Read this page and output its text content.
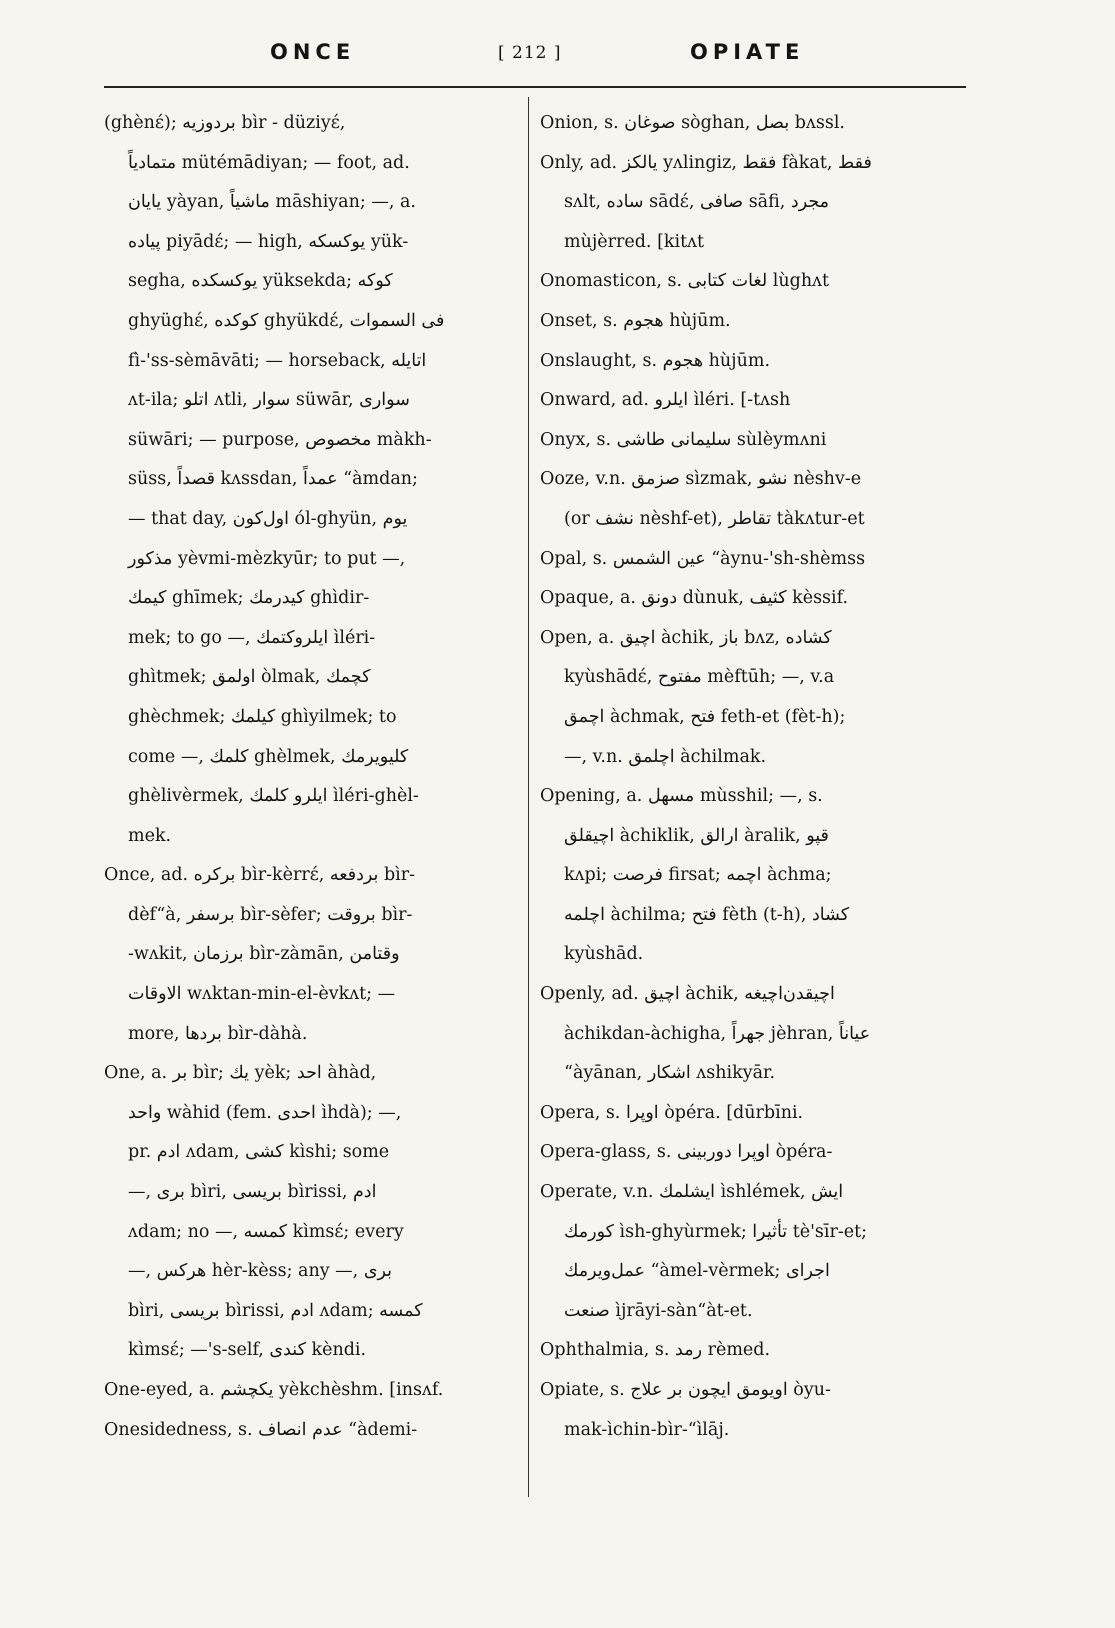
ONCE	[ 212 ]	OPIATE
(ghènɛ́); برد‌وزیه bìr - düziyɛ́,
متماد‌یاً mütémādiyan; — foot, ad.
یایان yàyan, ماشیاً māshiyan; —, a.
پیاده piyādɛ́; — high, یوکسکه yük-
segha, یوکسکده yüksekda; کوکه
ghyüghɛ́, کوکده ghyükdɛ́, فی السموات
fì-'ss-sèmāvāti; — horseback, اتایله
ʌt-ila; اتلو ʌtli, سوار süwār, سواری
süwāri; — purpose, مخصوص màkh-
süss, قصداً kʌssdan, عمداً “àmdan;
— that day, اول‌کون ól-ghyün, یوم
مذکور yèvmi-mèzkyūr; to put —,
کیمك ghīmek; کید‌رمك ghìdir-
mek; to go —, ایلرو‌کتمك ìléri-
ghìtmek; اولمق òlmak, کچمك
ghèchmek; کیلمك ghìyilmek; to
come —, کلمك ghèlmek, کلیویرمك
ghèlivèrmek, ایلرو کلمك ìléri-ghèl-
mek.
Once, ad. برکره bìr-kèrrɛ́, بردفعه bìr-
dèf“à, برسفر bìr-sèfer; بروقت bìr-
-wʌkit, برزمان bìr-zàmān, وقتامن
الاوقات wʌktan-min-el-èvkʌt; —
more, بردها bìr-dàhà.
One, a. بر bìr; یك yèk; احد àhàd,
واحد wàhid (fem. احدی ìhdà); —,
pr. ادم ʌdam, کشی kìshi; some
—, بری bìri, بریسی bìrissi, ادم
ʌdam; no —, کمسه kìmsɛ́; every
—, هرکس hèr-kèss; any —, بری
bìri, بریسی bìrissi, ادم ʌdam; کمسه
kìmsɛ́; —'s-self, کندی kèndi.
One-eyed, a. یکچشم yèkchèshm. [insʌf.
Onesidedness, s. عدم انصاف “àdemi-
Onion, s. صوغان sòghan, بصل bʌssl.
Only, ad. یالکز yʌlingiz, فقط fàkat, فقط
sʌlt, ساده sādɛ́, صافی sāfi, مجرد
mùjèrred. [kitʌt
Onomasticon, s. لغات کتابی lùghʌt
Onset, s. هجوم hùjūm.
Onslaught, s. هجوم hùjūm.
Onward, ad. ایلرو ìléri. [-tʌsh
Onyx, s. سلیمانی طاشی sùlèymʌni
Ooze, v.n. صزمق sìzmak, نشو nèshv-e
(or نشف nèshf-et), تقاطر tàkʌtur-et
Opal, s. عین الشمس “àynu-'sh-shèmss
Opaque, a. دونق dùnuk, کثیف kèssif.
Open, a. اچیق àchik, باز bʌz, کشاده
kyùshādɛ́, مفتوح mèftūh; —, v.a
اچمق àchmak, فتح feth-et (fèt-h);
—, v.n. اچلمق àchilmak.
Opening, a. مسهل mùsshil; —, s.
اچیقلق àchiklik, ارالق àralik, قپو
kʌpi; فرصت firsat; اچمه àchma;
اچلمه àchilma; فتح fèth (t-h), کشاد
kyùshād.
Openly, ad. اچیق àchik, اچیقدن‌اچیغه
àchikdan-àchigha, جهراً jèhran, عیاناً
“àyānan, اشکار ʌshikyār.
Opera, s. اوپرا òpéra. [dūrbīni.
Opera-glass, s. اوپرا دوربینی òpéra-
Operate, v.n. ایشلمك ìshlémek, ایش
کورمك ìsh-ghyùrmek; تأثیرا tè'sīr-et;
عمل‌ویرمك “àmel-vèrmek; اجرای
صنعت ìjrāyi-sàn“àt-et.
Ophthalmia, s. رمد rèmed.
Opiate, s. اویومق ایچون بر علاج òyu-
mak-ìchin-bìr-“ìlāj.
